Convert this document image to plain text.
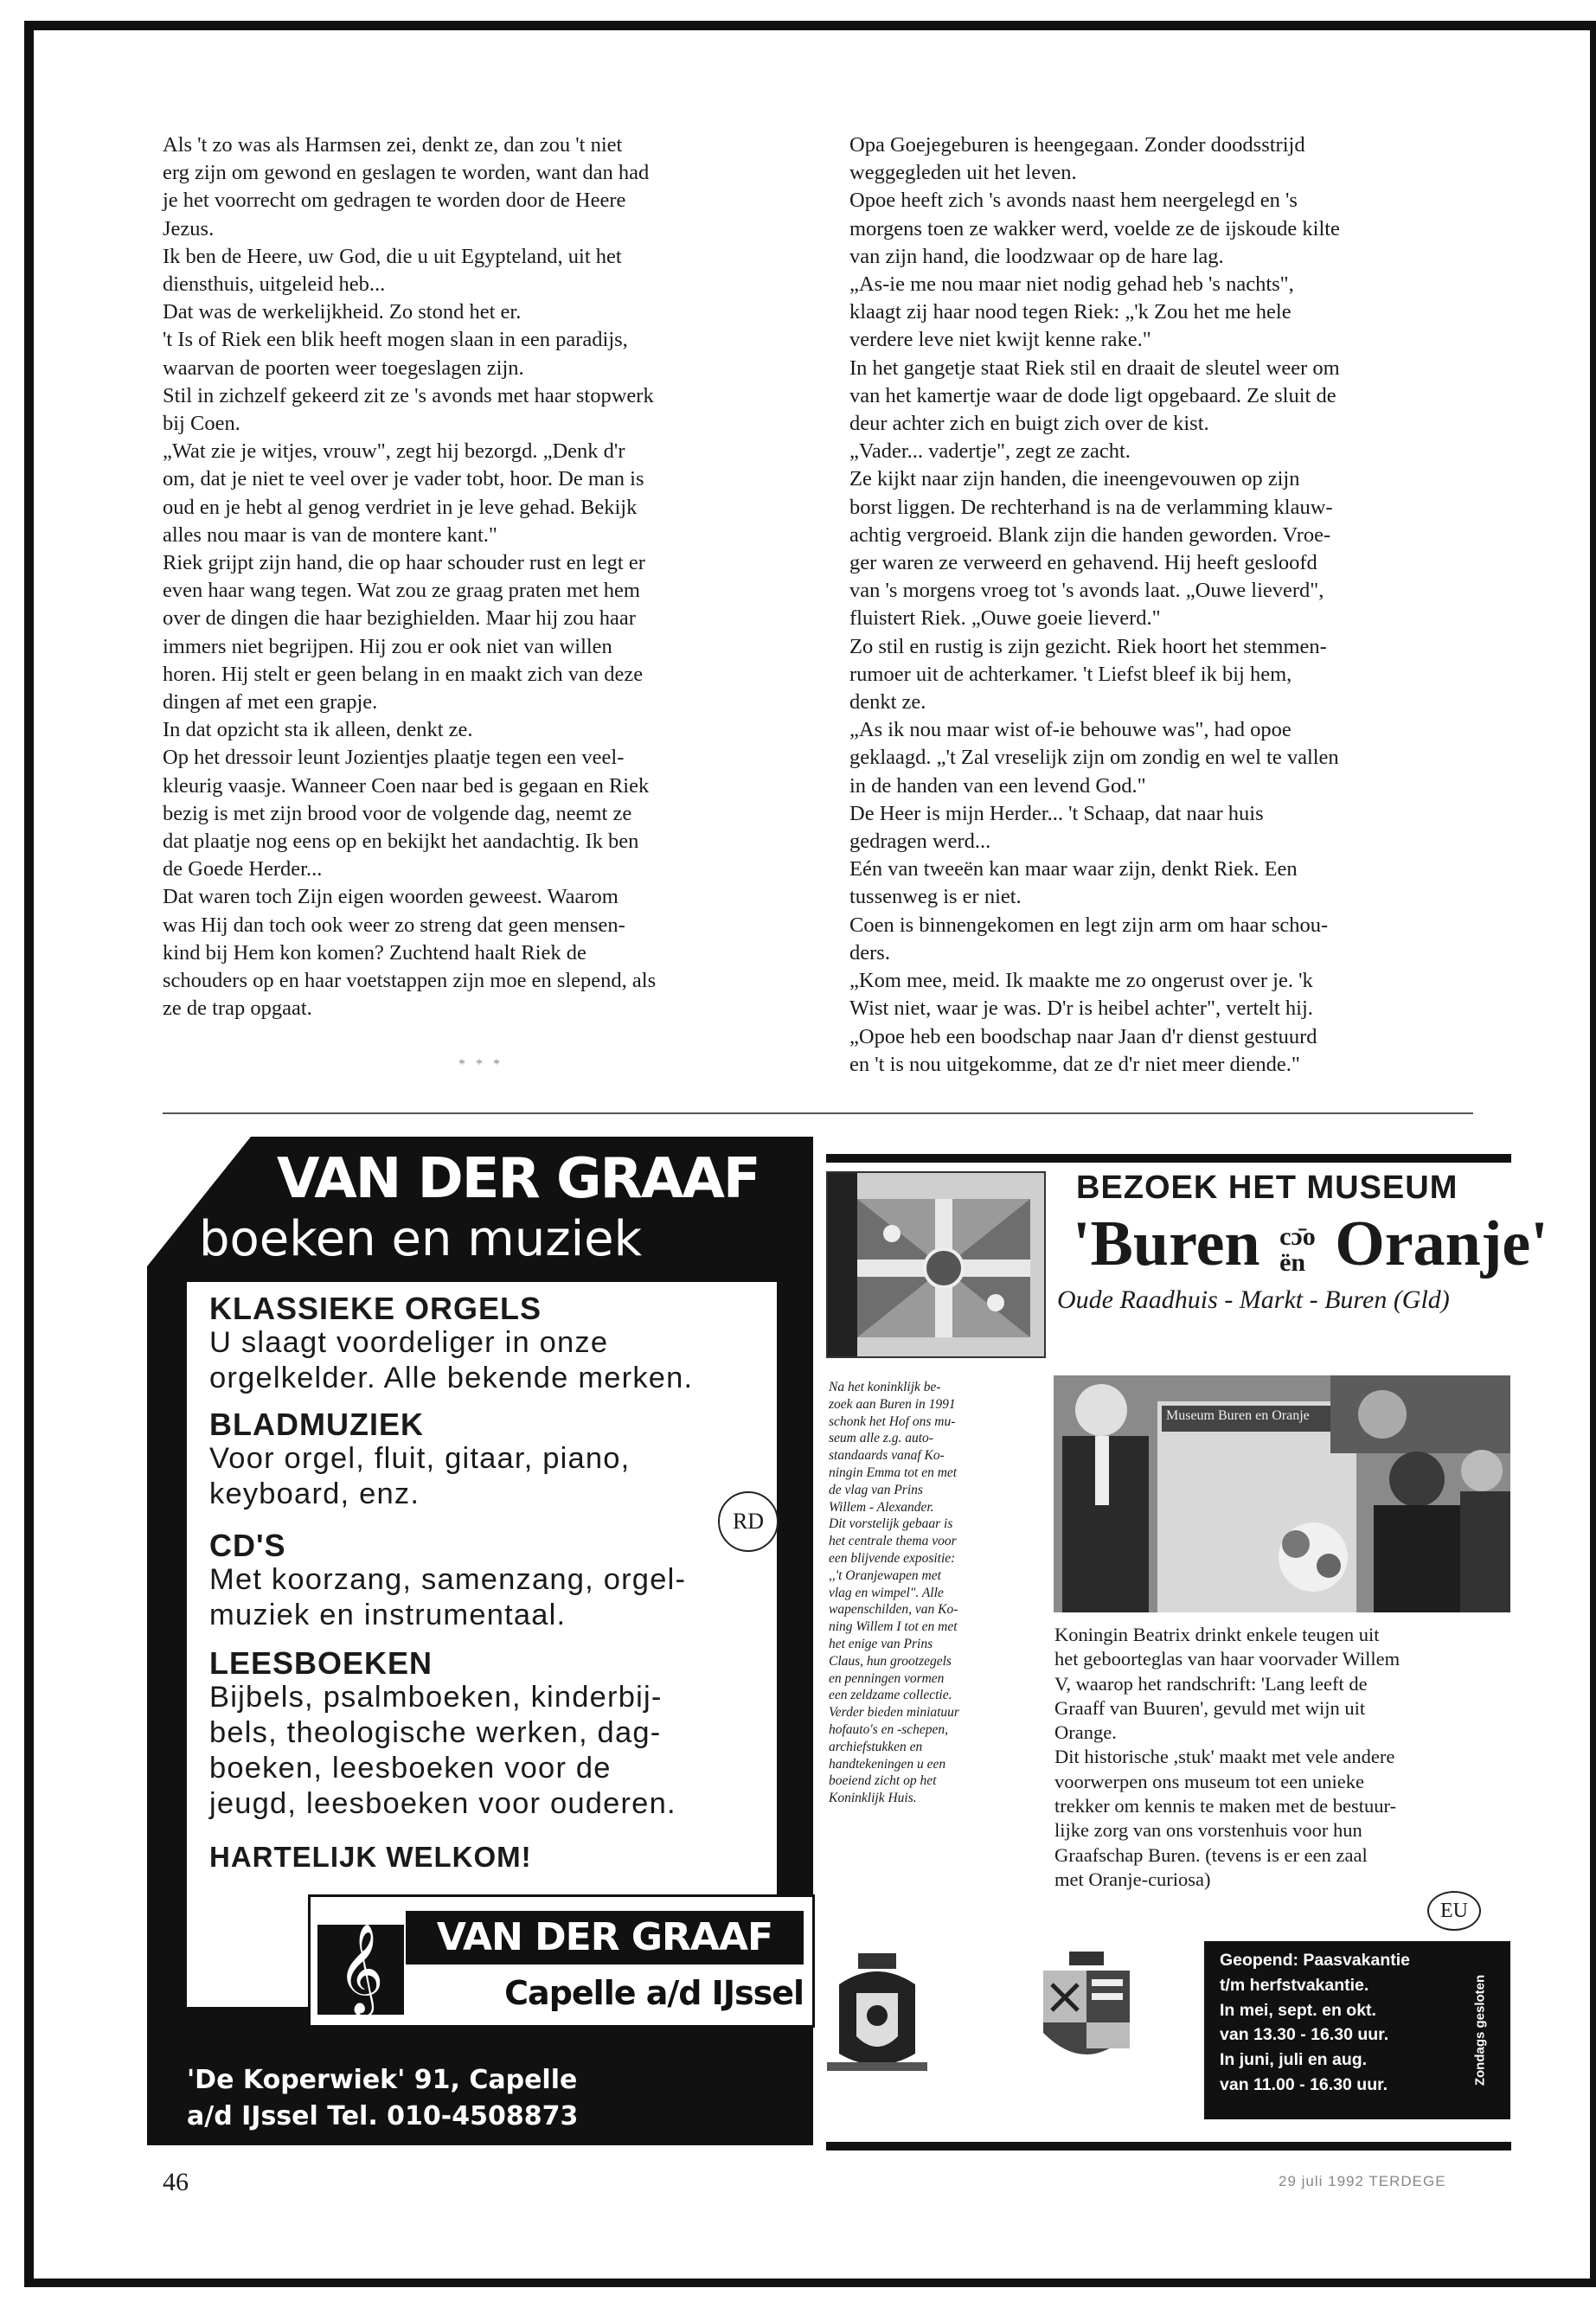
Als 't zo was als Harmsen zei, denkt ze, dan zou 't niet

erg zijn om gewond en geslagen te worden, want dan had

je het voorrecht om gedragen te worden door de Heere

Jezus.

Ik ben de Heere, uw God, die u uit Egypteland, uit het

diensthuis, uitgeleid heb...

Dat was de werkelijkheid. Zo stond het er.

't Is of Riek een blik heeft mogen slaan in een paradijs,

waarvan de poorten weer toegeslagen zijn.

Stil in zichzelf gekeerd zit ze 's avonds met haar stopwerk

bij Coen.

„Wat zie je witjes, vrouw", zegt hij bezorgd. „Denk d'r

om, dat je niet te veel over je vader tobt, hoor. De man is

oud en je hebt al genog verdriet in je leve gehad. Bekijk

alles nou maar is van de montere kant."

Riek grijpt zijn hand, die op haar schouder rust en legt er

even haar wang tegen. Wat zou ze graag praten met hem

over de dingen die haar bezighielden. Maar hij zou haar

immers niet begrijpen. Hij zou er ook niet van willen

horen. Hij stelt er geen belang in en maakt zich van deze

dingen af met een grapje.

In dat opzicht sta ik alleen, denkt ze.

Op het dressoir leunt Jozientjes plaatje tegen een veel-

kleurig vaasje. Wanneer Coen naar bed is gegaan en Riek

bezig is met zijn brood voor de volgende dag, neemt ze

dat plaatje nog eens op en bekijkt het aandachtig. Ik ben

de Goede Herder...

Dat waren toch Zijn eigen woorden geweest. Waarom

was Hij dan toch ook weer zo streng dat geen mensen-

kind bij Hem kon komen? Zuchtend haalt Riek de

schouders op en haar voetstappen zijn moe en slepend, als

ze de trap opgaat.

Opa Goejegeburen is heengegaan. Zonder doodsstrijd

weggegleden uit het leven.

Opoe heeft zich 's avonds naast hem neergelegd en 's

morgens toen ze wakker werd, voelde ze de ijskoude kilte

van zijn hand, die loodzwaar op de hare lag.

„As-ie me nou maar niet nodig gehad heb 's nachts",

klaagt zij haar nood tegen Riek: „'k Zou het me hele

verdere leve niet kwijt kenne rake."

In het gangetje staat Riek stil en draait de sleutel weer om

van het kamertje waar de dode ligt opgebaard. Ze sluit de

deur achter zich en buigt zich over de kist.

„Vader... vadertje", zegt ze zacht.

Ze kijkt naar zijn handen, die ineengevouwen op zijn

borst liggen. De rechterhand is na de verlamming klauw-

achtig vergroeid. Blank zijn die handen geworden. Vroe-

ger waren ze verweerd en gehavend. Hij heeft gesloofd

van 's morgens vroeg tot 's avonds laat. „Ouwe lieverd",

fluistert Riek. „Ouwe goeie lieverd."

Zo stil en rustig is zijn gezicht. Riek hoort het stemmen-

rumoer uit de achterkamer. 't Liefst bleef ik bij hem,

denkt ze.

„As ik nou maar wist of-ie behouwe was", had opoe

geklaagd. „'t Zal vreselijk zijn om zondig en wel te vallen

in de handen van een levend God."

De Heer is mijn Herder... 't Schaap, dat naar huis

gedragen werd...

Eén van tweeën kan maar waar zijn, denkt Riek. Een

tussenweg is er niet.

Coen is binnengekomen en legt zijn arm om haar schou-

ders.

„Kom mee, meid. Ik maakte me zo ongerust over je. 'k

Wist niet, waar je was. D'r is heibel achter", vertelt hij.

„Opoe heb een boodschap naar Jaan d'r dienst gestuurd

en 't is nou uitgekomme, dat ze d'r niet meer diende."

* * *
VAN DER GRAAF
boeken en muziek
KLASSIEKE ORGELS
U slaagt voordeliger in onze
orgelkelder. Alle bekende merken.
BLADMUZIEK
Voor orgel, fluit, gitaar, piano,
keyboard, enz.
RD
CD'S
Met koorzang, samenzang, orgel-
muziek en instrumentaal.
LEESBOEKEN
Bijbels, psalmboeken, kinderbij-
bels, theologische werken, dag-
boeken, leesboeken voor de
jeugd, leesboeken voor ouderen.
HARTELIJK WELKOM!
𝄞	VAN DER GRAAF
Capelle a/d IJssel
'De Koperwiek' 91, Capelle
a/d IJssel Tel. 010-4508873
BEZOEK HET MUSEUM
'Buren cɔ̄o
ën Oranje'
Oude Raadhuis - Markt - Buren (Gld)

Na het koninklijk be-

zoek aan Buren in 1991

schonk het Hof ons mu-

seum alle z.g. auto-

standaards vanaf Ko-

ningin Emma tot en met

de vlag van Prins

Willem - Alexander.

Dit vorstelijk gebaar is

het centrale thema voor

een blijvende expositie:

,,'t Oranjewapen met

vlag en wimpel". Alle

wapenschilden, van Ko-

ning Willem I tot en met

het enige van Prins

Claus, hun grootzegels

en penningen vormen

een zeldzame collectie.

Verder bieden miniatuur

hofauto's en -schepen,

archiefstukken en

handtekeningen u een

boeiend zicht op het

Koninklijk Huis.

Museum Buren en Oranje

Koningin Beatrix drinkt enkele teugen uit

het geboorteglas van haar voorvader Willem

V, waarop het randschrift: 'Lang leeft de

Graaff van Buuren', gevuld met wijn uit

Orange.

Dit historische ,stuk' maakt met vele andere

voorwerpen ons museum tot een unieke

trekker om kennis te maken met de bestuur-

lijke zorg van ons vorstenhuis voor hun

Graafschap Buren. (tevens is er een zaal

met Oranje-curiosa)

EU

Geopend: Paasvakantie

t/m herfstvakantie.

In mei, sept. en okt.

van 13.30 - 16.30 uur.

In juni, juli en aug.

van 11.00 - 16.30 uur.	Zondags gesloten
46	29 juli 1992 TERDEGE
